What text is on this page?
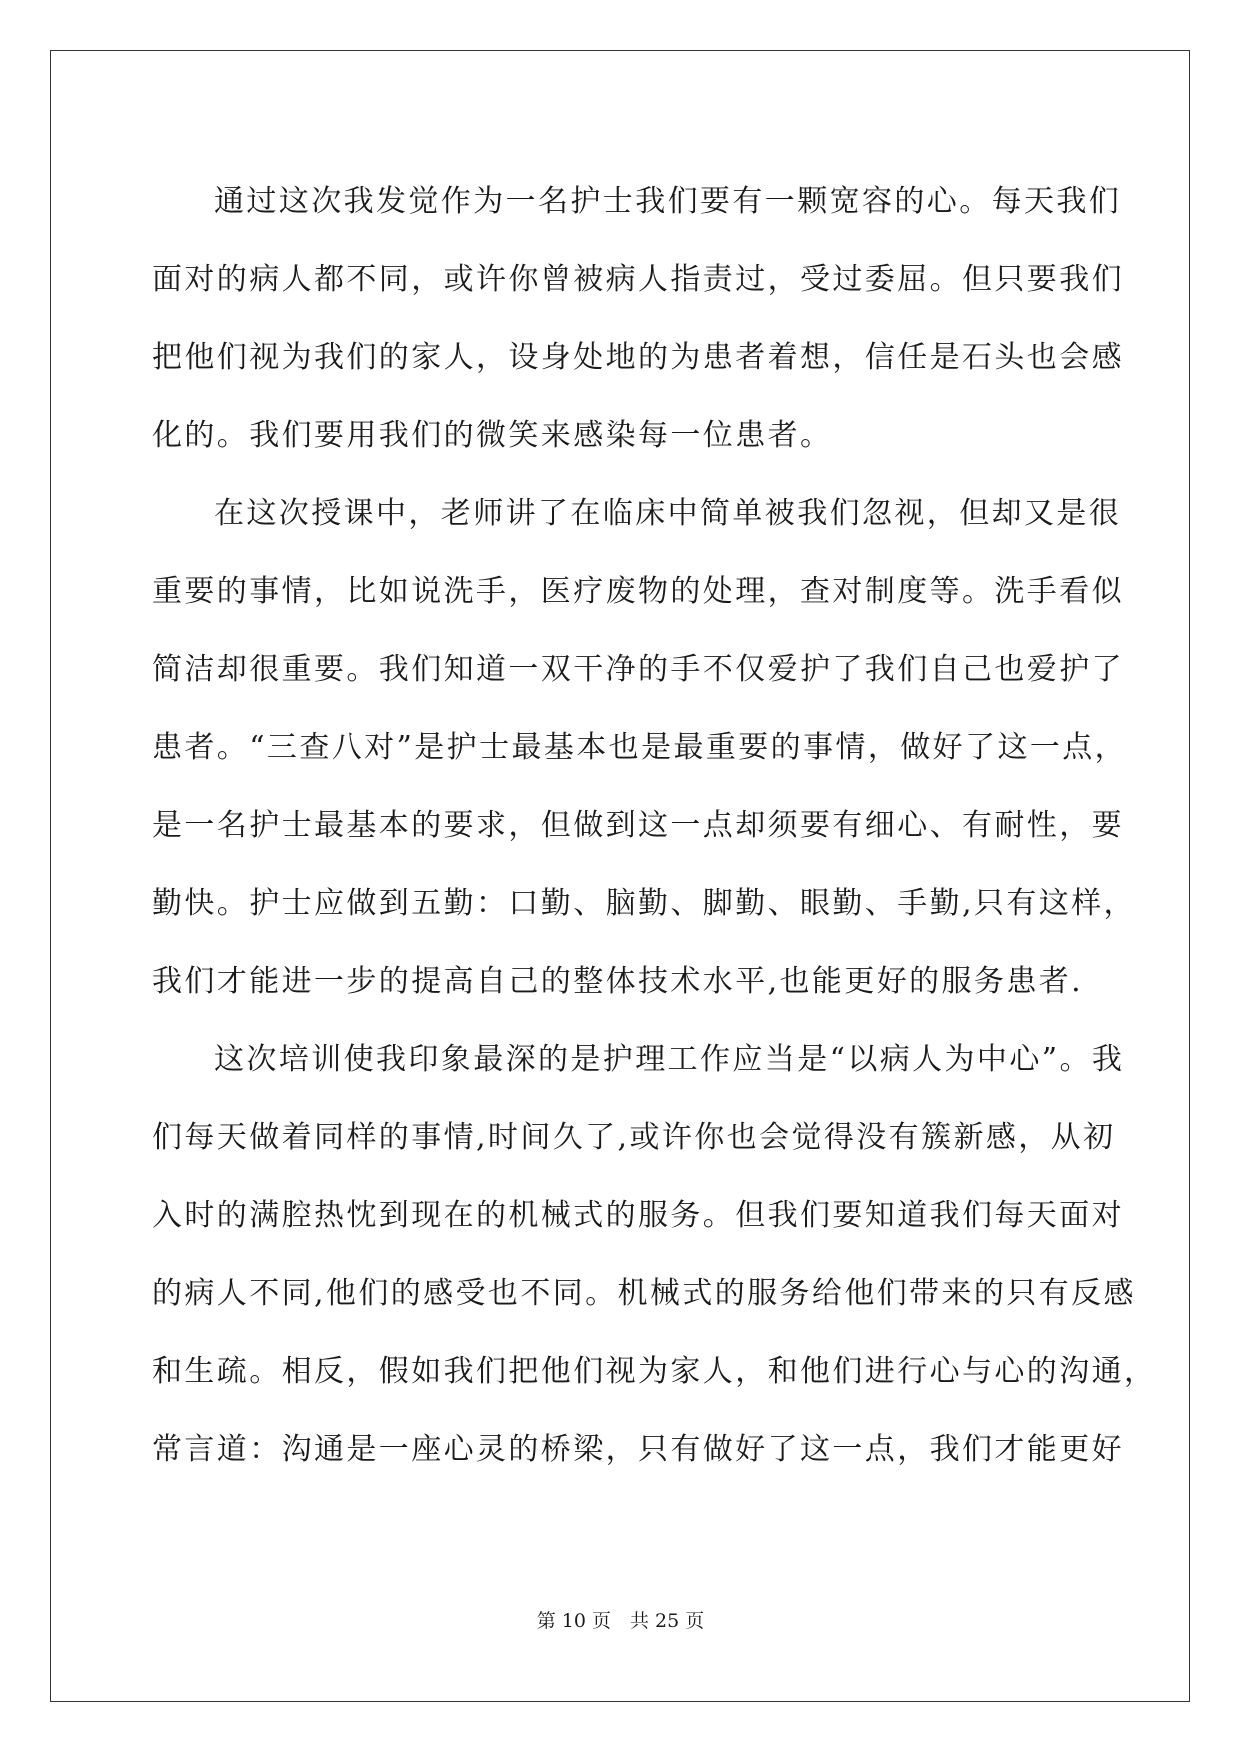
通过这次我发觉作为一名护士我们要有一颗宽容的心。每天我们
面对的病人都不同，或许你曾被病人指责过，受过委屈。但只要我们
把他们视为我们的家人，设身处地的为患者着想，信任是石头也会感
化的。我们要用我们的微笑来感染每一位患者。
在这次授课中，老师讲了在临床中简单被我们忽视，但却又是很
重要的事情，比如说洗手，医疗废物的处理，查对制度等。洗手看似
简洁却很重要。我们知道一双干净的手不仅爱护了我们自己也爱护了
患者。“三查八对”是护士最基本也是最重要的事情，做好了这一点，
是一名护士最基本的要求，但做到这一点却须要有细心、有耐性，要
勤快。护士应做到五勤：口勤、脑勤、脚勤、眼勤、手勤,只有这样，
我们才能进一步的提高自己的整体技术水平,也能更好的服务患者.
这次培训使我印象最深的是护理工作应当是“以病人为中心”。我
们每天做着同样的事情,时间久了,或许你也会觉得没有簇新感，从初
入时的满腔热忱到现在的机械式的服务。但我们要知道我们每天面对
的病人不同,他们的感受也不同。机械式的服务给他们带来的只有反感
和生疏。相反，假如我们把他们视为家人，和他们进行心与心的沟通，
常言道：沟通是一座心灵的桥梁，只有做好了这一点，我们才能更好
第 10 页　共 25 页
